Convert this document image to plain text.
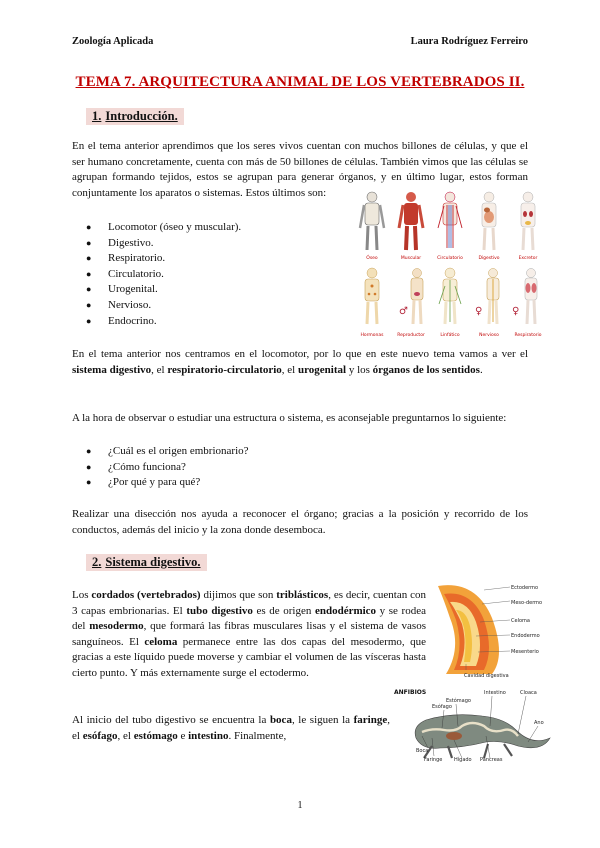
Zoología Aplicada	Laura Rodríguez Ferreiro
TEMA 7. ARQUITECTURA ANIMAL DE LOS VERTEBRADOS II.
1. Introducción.
En el tema anterior aprendimos que los seres vivos cuentan con muchos billones de células, y que el ser humano concretamente, cuenta con más de 50 billones de células. También vimos que las células se agrupan formando tejidos, estos se agrupan para generar órganos, y en último lugar, estos forman conjuntamente los aparatos o sistemas. Estos últimos son:
● Locomotor (óseo y muscular).
● Digestivo.
● Respiratorio.
● Circulatorio.
● Urogenital.
● Nervioso.
● Endocrino.
En el tema anterior nos centramos en el locomotor, por lo que en este nuevo tema vamos a ver el sistema digestivo, el respiratorio-circulatorio, el urogenital y los órganos de los sentidos.
A la hora de observar o estudiar una estructura o sistema, es aconsejable preguntarnos lo siguiente:
● ¿Cuál es el origen embrionario?
● ¿Cómo funciona?
● ¿Por qué y para qué?
Realizar una disección nos ayuda a reconocer el órgano; gracias a la posición y recorrido de los conductos, además del inicio y la zona donde desemboca.
2. Sistema digestivo.
Los cordados (vertebrados) dijimos que son triblásticos, es decir, cuentan con 3 capas embrionarias. El tubo digestivo es de origen endodérmico y se rodea del mesodermo, que formará las fibras musculares lisas y el sistema de vasos sanguíneos. El celoma permanece entre las dos capas del mesodermo, que gracias a este líquido puede moverse y cambiar el volumen de las vísceras hasta cierto punto. Y más externamente surge el ectodermo.
Al inicio del tubo digestivo se encuentra la boca, le siguen la faringe, el esófago, el estómago e intestino. Finalmente,
Óseo	Muscular	Circulatorio	Digestivo	Excretor
♂	♀	♀
Hormonas	Reproductor	Linfático	Nervioso	Respiratorio
Ectodermo
Meso-dermo
Celoma
Endodermo
Mesenterio
Cavidad digestiva
ANFIBIOS
Estómago
Intestino	Cloaca
Esófago
Ano
Boca
Faringe Hígado Páncreas
1
